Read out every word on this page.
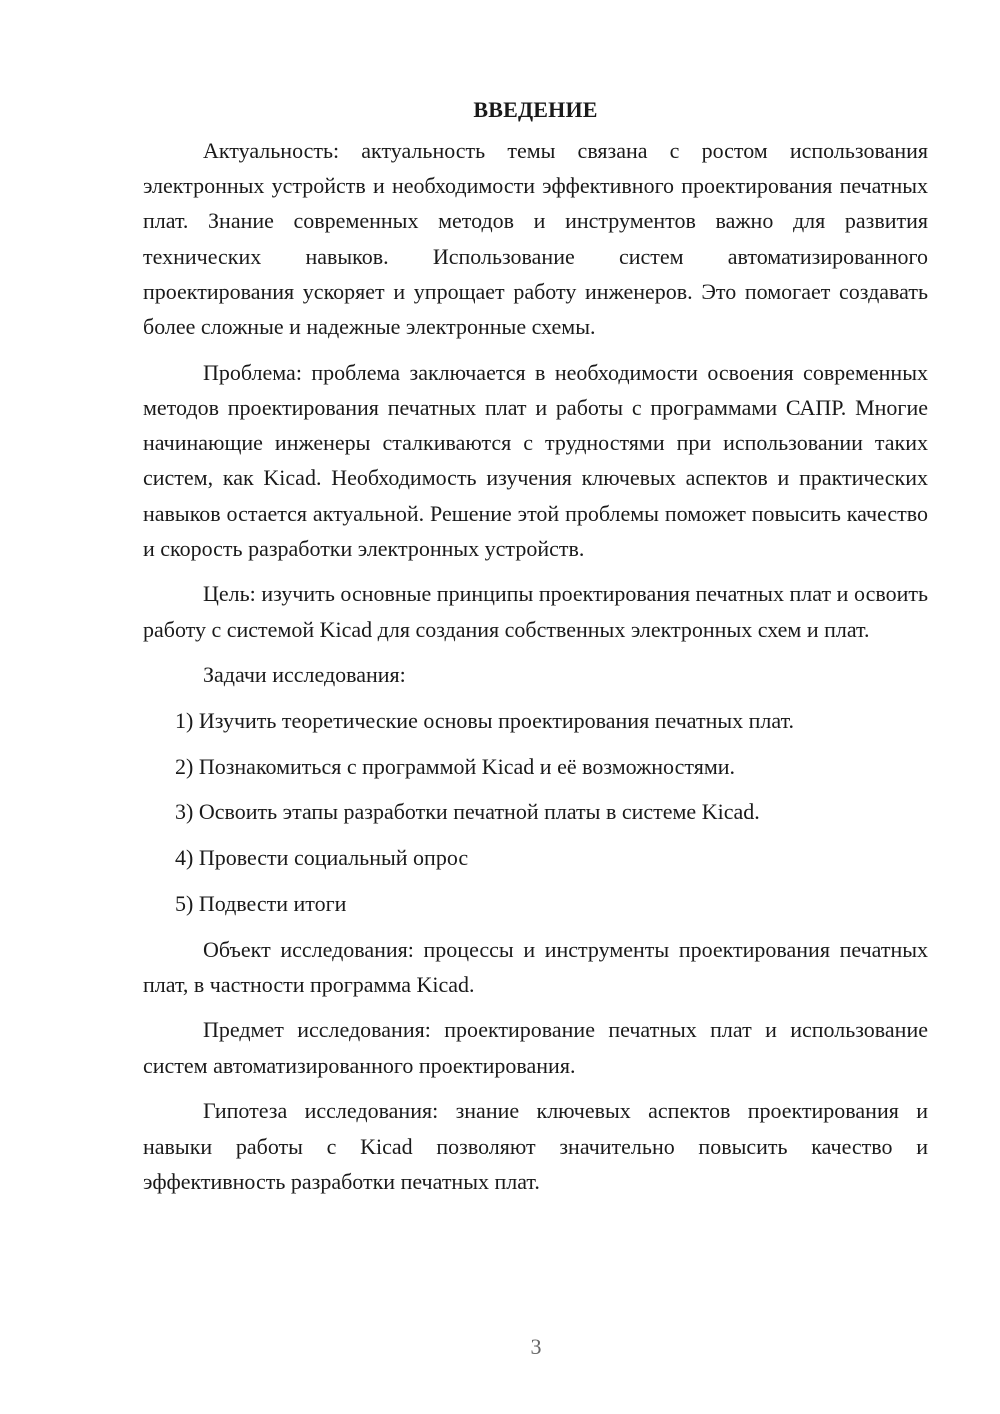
ВВЕДЕНИЕ

Актуальность: актуальность темы связана с ростом использования электронных устройств и необходимости эффективного проектирования печатных плат. Знание современных методов и инструментов важно для развития технических навыков. Использование систем автоматизированного проектирования ускоряет и упрощает работу инженеров. Это помогает создавать более сложные и надежные электронные схемы.

Проблема: проблема заключается в необходимости освоения современных методов проектирования печатных плат и работы с программами САПР. Многие начинающие инженеры сталкиваются с трудностями при использовании таких систем, как Kicad. Необходимость изучения ключевых аспектов и практических навыков остается актуальной. Решение этой проблемы поможет повысить качество и скорость разработки электронных устройств.

Цель: изучить основные принципы проектирования печатных плат и освоить работу с системой Kicad для создания собственных электронных схем и плат.

Задачи исследования:

1) Изучить теоретические основы проектирования печатных плат.
2) Познакомиться с программой Kicad и её возможностями.
3) Освоить этапы разработки печатной платы в системе Kicad.
4) Провести социальный опрос
5) Подвести итоги

Объект исследования: процессы и инструменты проектирования печатных плат, в частности программа Kicad.

Предмет исследования: проектирование печатных плат и использование систем автоматизированного проектирования.

Гипотеза исследования: знание ключевых аспектов проектирования и навыки работы с Kicad позволяют значительно повысить качество и эффективность разработки печатных плат.

3
